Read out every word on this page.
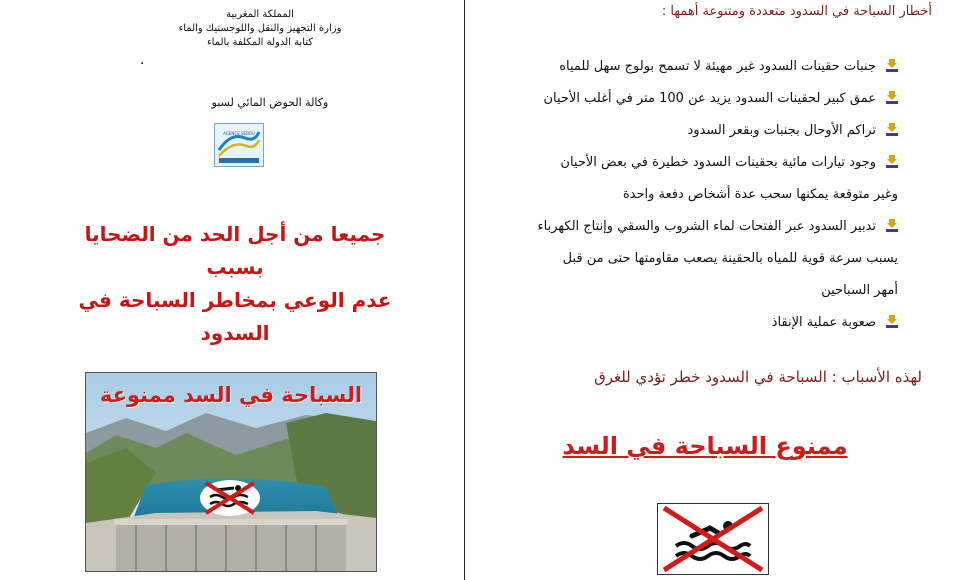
المملكة المغربية
وزارة التجهيز والنقل واللوجستيك والماء
كتابة الدولة المكلفة بالماء
.
وكالة الحوض المائي لسبو
AGENCE SEBOU
جميعا من أجل الحد من الضحايا بسبب
عدم الوعي بمخاطر السباحة في السدود
السباحة في السد ممنوعة
أخطار السباحة في السدود متعددة ومتنوعة أهمها :
جنبات حقينات السدود غير مهيئة لا تسمح بولوج سهل للمياه
عمق كبير لحقينات السدود يزيد عن 100 متر في أغلب الأحيان
تراكم الأوحال بجنبات وبقعر السدود
وجود تيارات مائية بحقينات السدود خطيرة في بعض الأحيان
وغير متوقعة يمكنها سحب عدة أشخاص دفعة واحدة
تدبير السدود عبر الفتحات لماء الشروب والسقي وإنتاج الكهرباء
يسبب سرعة قوية للمياه بالحقينة يصعب مقاومتها حتى من قبل
أمهر السباحين
صعوبة عملية الإنقاذ
لهذه الأسباب : السباحة في السدود خطر تؤدي للغرق
ممنوع السباحة في السد
